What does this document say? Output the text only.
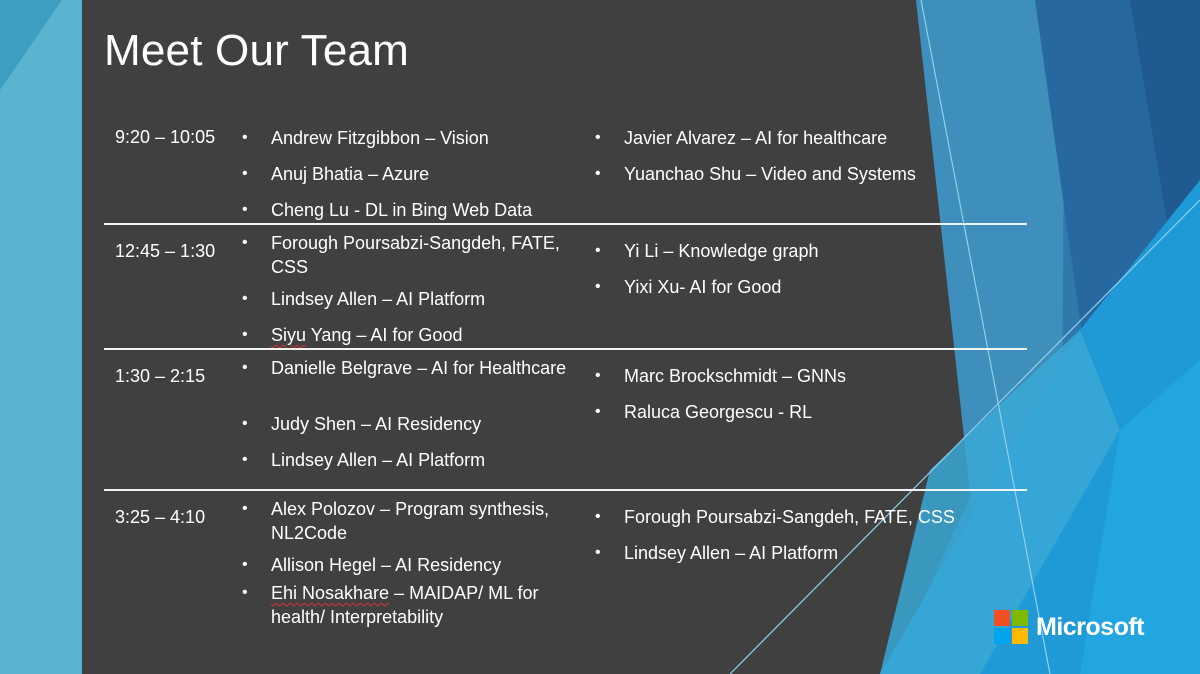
Meet Our Team
9:20 – 10:05 • Andrew Fitzgibbon – Vision
• Anuj Bhatia – Azure
• Cheng Lu - DL in Bing Web Data
• Javier Alvarez – AI for healthcare
• Yuanchao Shu – Video and Systems
12:45 – 1:30 • Forough Poursabzi-Sangdeh, FATE, CSS
• Lindsey Allen – AI Platform
• Siyu Yang – AI for Good
• Yi Li – Knowledge graph
• Yixi Xu- AI for Good
1:30 – 2:15 • Danielle Belgrave – AI for Healthcare
• Judy Shen – AI Residency
• Lindsey Allen – AI Platform
• Marc Brockschmidt – GNNs
• Raluca Georgescu - RL
3:25 – 4:10 • Alex Polozov – Program synthesis, NL2Code
• Allison Hegel – AI Residency
• Ehi Nosakhare – MAIDAP/ ML for health/ Interpretability
• Forough Poursabzi-Sangdeh, FATE, CSS
• Lindsey Allen – AI Platform
Microsoft
